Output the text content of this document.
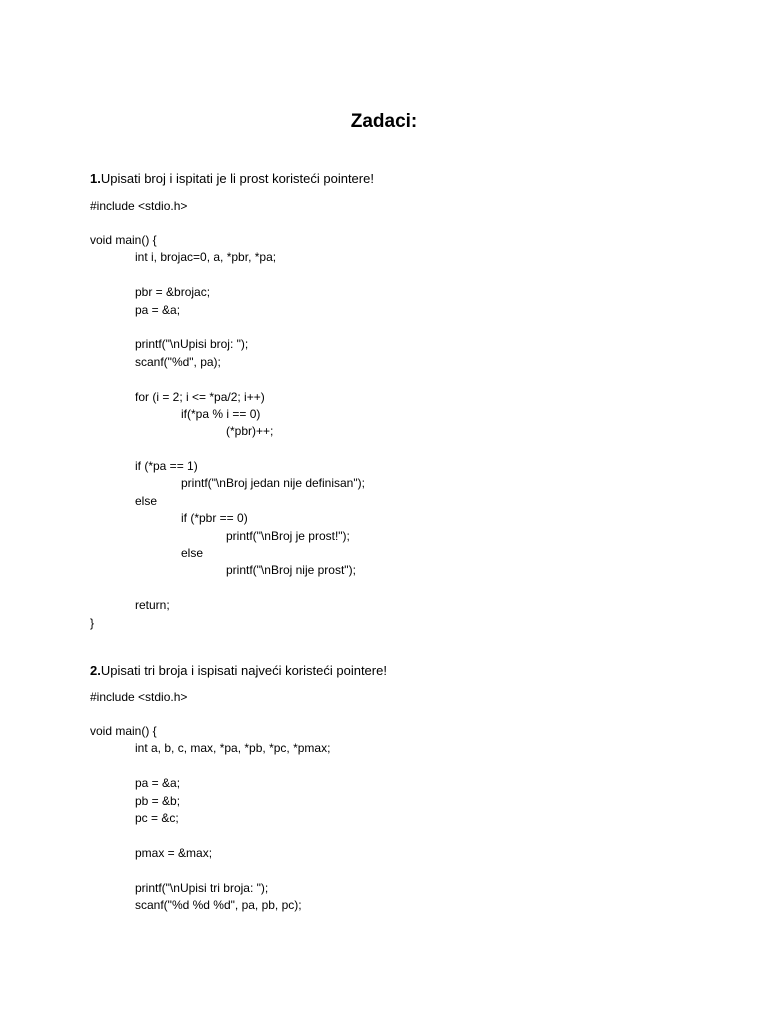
Zadaci:
1.Upisati broj i ispitati je li prost koristeći pointere!
#include <stdio.h>
void main() {
int i, brojac=0, a, *pbr, *pa;
pbr = &brojac;
pa = &a;
printf("\nUpisi broj: ");
scanf("%d", pa);
for (i = 2; i <= *pa/2; i++)
if(*pa % i == 0)
(*pbr)++;
if (*pa == 1)
printf("\nBroj jedan nije definisan");
else
if (*pbr == 0)
printf("\nBroj je prost!");
else
printf("\nBroj nije prost");
return;
}
2.Upisati tri broja i ispisati najveći koristeći pointere!
#include <stdio.h>
void main() {
int a, b, c, max, *pa, *pb, *pc, *pmax;
pa = &a;
pb = &b;
pc = &c;
pmax = &max;
printf("\nUpisi tri broja: ");
scanf("%d %d %d", pa, pb, pc);
